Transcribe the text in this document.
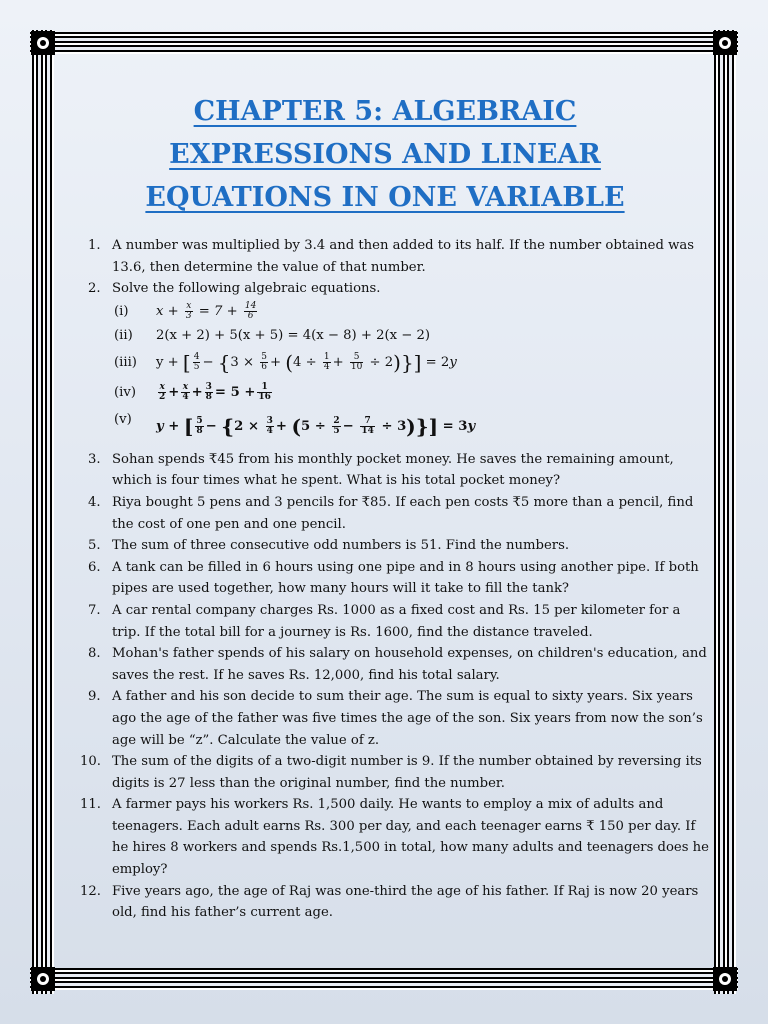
CHAPTER 5: ALGEBRAIC
EXPRESSIONS AND LINEAR
EQUATIONS IN ONE VARIABLE
1. A number was multiplied by 3.4 and then added to its half. If the number obtained was 13.6, then determine the value of that number.
2. Solve the following algebraic equations.
(i) $x + \frac{x}{3} = 7 + \frac{14}{6}$
(ii) 2(x + 2) + 5(x + 5) = 4(x − 8) + 2(x − 2)
(iii) y + [ $\frac{4}{5} - \{3 \times \frac{5}{6} + (4 \div \frac{1}{4} + \frac{5}{10} \div 2)\}] = 2y$
$(iv) \frac{x}{2} + \frac{x}{4} + \frac{3}{8} = 5 + \frac{1}{16}$
(v) y + [ $\frac{5}{8} - \{2 \times \frac{3}{4} + (5 \div \frac{2}{5} - \frac{7}{14} \div 3)\}] = 3y$
3. Sohan spends ₹45 from his monthly pocket money. He saves the remaining amount, which is four times what he spent. What is his total pocket money?
4. Riya bought 5 pens and 3 pencils for ₹85. If each pen costs ₹5 more than a pencil, find the cost of one pen and one pencil.
5. The sum of three consecutive odd numbers is 51. Find the numbers.
6. A tank can be filled in 6 hours using one pipe and in 8 hours using another pipe. If both pipes are used together, how many hours will it take to fill the tank?
7. A car rental company charges Rs. 1000 as a fixed cost and Rs. 15 per kilometer for a trip. If the total bill for a journey is Rs. 1600, find the distance traveled.
8. Mohan's father spends of his salary on household expenses, on children's education, and saves the rest. If he saves Rs. 12,000, find his total salary.
9. A father and his son decide to sum their age. The sum is equal to sixty years. Six years ago the age of the father was five times the age of the son. Six years from now the son’s age will be “z”. Calculate the value of z.
10. The sum of the digits of a two-digit number is 9. If the number obtained by reversing its digits is 27 less than the original number, find the number.
11. A farmer pays his workers Rs. 1,500 daily. He wants to employ a mix of adults and teenagers. Each adult earns Rs. 300 per day, and each teenager earns ₹ 150 per day. If he hires 8 workers and spends Rs.1,500 in total, how many adults and teenagers does he employ?
12. Five years ago, the age of Raj was one-third the age of his father. If Raj is now 20 years old, find his father’s current age.
